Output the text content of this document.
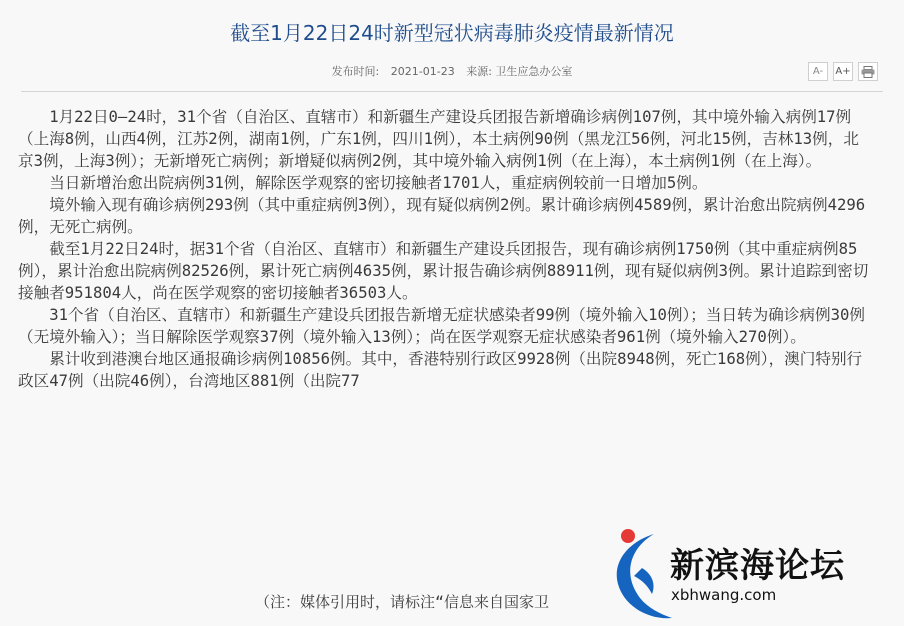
截至1月22日24时新型冠状病毒肺炎疫情最新情况
发布时间: 2021-01-23 来源: 卫生应急办公室	A-	A+

1月22日0—24时，31个省（自治区、直辖市）和新疆生产建设兵团报告新增确诊病例107例，其中境外输入病例17例（上海8例，山西4例，江苏2例，湖南1例，广东1例，四川1例），本土病例90例（黑龙江56例，河北15例，吉林13例，北京3例，上海3例）；无新增死亡病例；新增疑似病例2例，其中境外输入病例1例（在上海），本土病例1例（在上海）。

当日新增治愈出院病例31例，解除医学观察的密切接触者1701人，重症病例较前一日增加5例。

境外输入现有确诊病例293例（其中重症病例3例），现有疑似病例2例。累计确诊病例4589例，累计治愈出院病例4296例，无死亡病例。

截至1月22日24时，据31个省（自治区、直辖市）和新疆生产建设兵团报告，现有确诊病例1750例（其中重症病例85例），累计治愈出院病例82526例，累计死亡病例4635例，累计报告确诊病例88911例，现有疑似病例3例。累计追踪到密切接触者951804人，尚在医学观察的密切接触者36503人。

31个省（自治区、直辖市）和新疆生产建设兵团报告新增无症状感染者99例（境外输入10例）；当日转为确诊病例30例（无境外输入）；当日解除医学观察37例（境外输入13例）；尚在医学观察无症状感染者961例（境外输入270例）。

累计收到港澳台地区通报确诊病例10856例。其中，香港特别行政区9928例（出院8948例，死亡168例），澳门特别行政区47例（出院46例），台湾地区881例（出院77

（注：媒体引用时，请标注“信息来自国家卫
新滨海论坛
xbhwang.com
